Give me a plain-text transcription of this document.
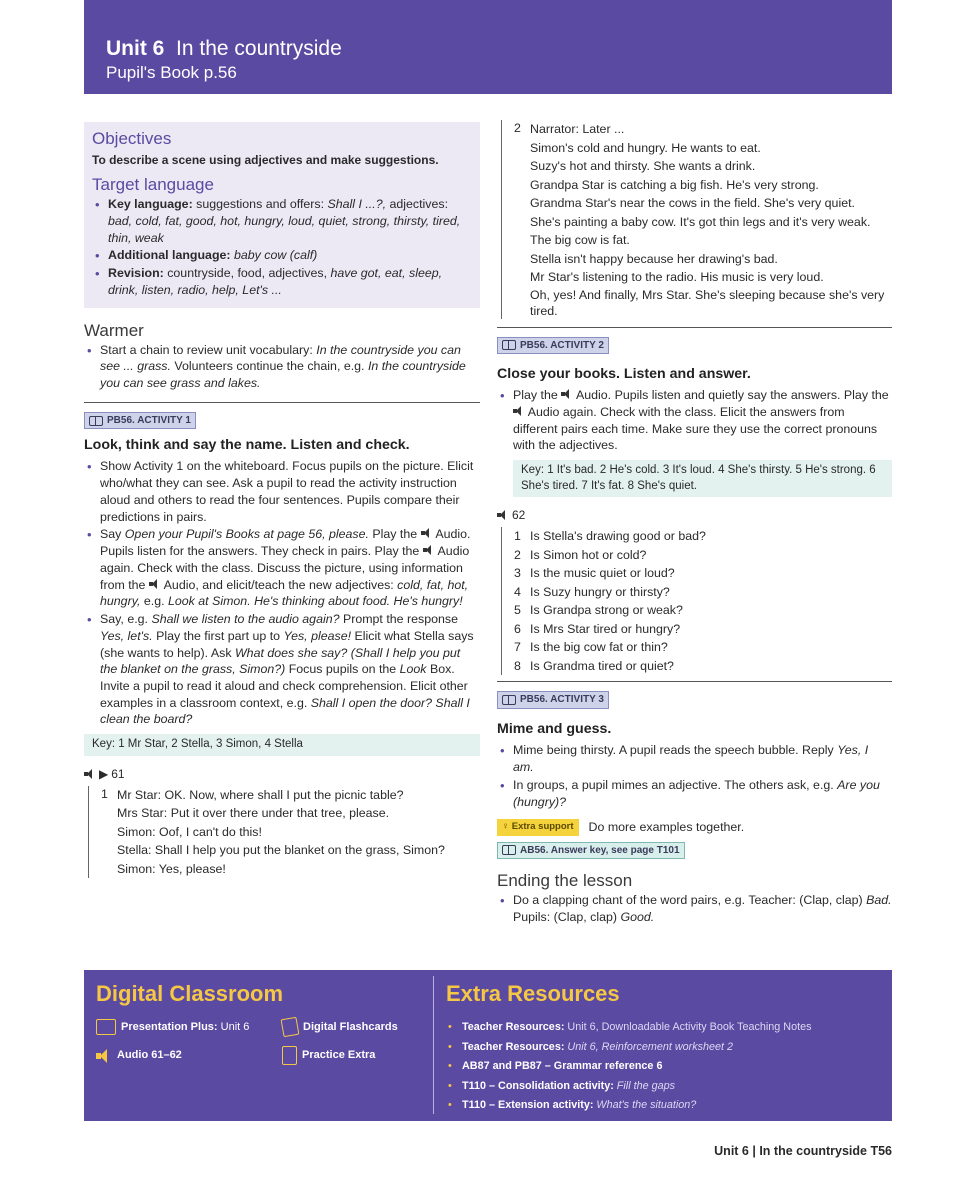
Unit 6 In the countryside
Pupil's Book p.56
Objectives
To describe a scene using adjectives and make suggestions.
Target language
• Key language: suggestions and offers: Shall I ...?, adjectives: bad, cold, fat, good, hot, hungry, loud, quiet, strong, thirsty, tired, thin, weak
• Additional language: baby cow (calf)
• Revision: countryside, food, adjectives, have got, eat, sleep, drink, listen, radio, help, Let's ...
Warmer
• Start a chain to review unit vocabulary: In the countryside you can see ... grass. Volunteers continue the chain, e.g. In the countryside you can see grass and lakes.
PB56. ACTIVITY 1
Look, think and say the name. Listen and check.
• Show Activity 1 on the whiteboard. Focus pupils on the picture. Elicit who/what they can see. Ask a pupil to read the activity instruction aloud and others to read the four sentences. Pupils compare their predictions in pairs.
• Say Open your Pupil's Books at page 56, please. Play the  Audio. Pupils listen for the answers. They check in pairs. Play the  Audio again. Check with the class. Discuss the picture, using information from the  Audio, and elicit/teach the new adjectives: cold, fat, hot, hungry, e.g. Look at Simon. He's thinking about food. He's hungry!
• Say, e.g. Shall we listen to the audio again? Prompt the response Yes, let's. Play the first part up to Yes, please! Elicit what Stella says (she wants to help). Ask What does she say? (Shall I help you put the blanket on the grass, Simon?) Focus pupils on the Look Box. Invite a pupil to read it aloud and check comprehension. Elicit other examples in a classroom context, e.g. Shall I open the door? Shall I clean the board?
Key: 1 Mr Star, 2 Stella, 3 Simon, 4 Stella
▶ 61
1 Mr Star: OK. Now, where shall I put the picnic table?
Mrs Star: Put it over there under that tree, please.
Simon: Oof, I can't do this!
Stella: Shall I help you put the blanket on the grass, Simon?
Simon: Yes, please!
2 Narrator: Later ...
Simon's cold and hungry. He wants to eat.
Suzy's hot and thirsty. She wants a drink.
Grandpa Star is catching a big fish. He's very strong.
Grandma Star's near the cows in the field. She's very quiet.
She's painting a baby cow. It's got thin legs and it's very weak.
The big cow is fat.
Stella isn't happy because her drawing's bad.
Mr Star's listening to the radio. His music is very loud.
Oh, yes! And finally, Mrs Star. She's sleeping because she's very tired.
PB56. ACTIVITY 2
Close your books. Listen and answer.
• Play the  Audio. Pupils listen and quietly say the answers. Play the  Audio again. Check with the class. Elicit the answers from different pairs each time. Make sure they use the correct pronouns with the adjectives.
Key: 1 It's bad. 2 He's cold. 3 It's loud. 4 She's thirsty. 5 He's strong. 6 She's tired. 7 It's fat. 8 She's quiet.
62
1 Is Stella's drawing good or bad?
2 Is Simon hot or cold?
3 Is the music quiet or loud?
4 Is Suzy hungry or thirsty?
5 Is Grandpa strong or weak?
6 Is Mrs Star tired or hungry?
7 Is the big cow fat or thin?
8 Is Grandma tired or quiet?
PB56. ACTIVITY 3
Mime and guess.
• Mime being thirsty. A pupil reads the speech bubble. Reply Yes, I am.
• In groups, a pupil mimes an adjective. The others ask, e.g. Are you (hungry)?
♀ Extra support	Do more examples together.
AB56. Answer key, see page T101
Ending the lesson
• Do a clapping chant of the word pairs, e.g. Teacher: (Clap, clap) Bad. Pupils: (Clap, clap) Good.
Digital Classroom
Presentation Plus: Unit 6	Digital Flashcards
Audio 61–62	Practice Extra
Extra Resources
• Teacher Resources: Unit 6, Downloadable Activity Book Teaching Notes
• Teacher Resources: Unit 6, Reinforcement worksheet 2
• AB87 and PB87 – Grammar reference 6
• T110 – Consolidation activity: Fill the gaps
• T110 – Extension activity: What's the situation?
Unit 6 | In the countryside T56
